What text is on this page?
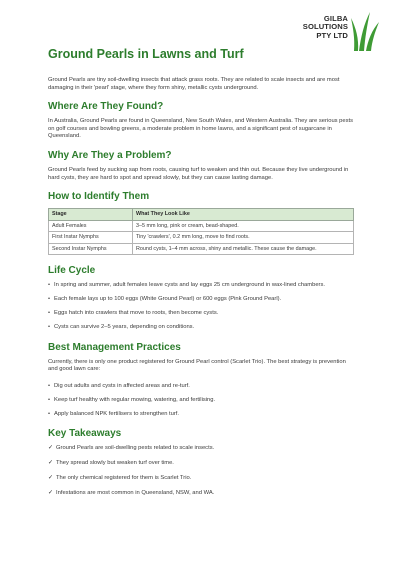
GILBA
SOLUTIONS
PTY LTD
Ground Pearls in Lawns and Turf

Ground Pearls are tiny soil-dwelling insects that attack grass roots. They are related to scale insects and are most damaging in their 'pearl' stage, where they form shiny, metallic cysts underground.

Where Are They Found?

In Australia, Ground Pearls are found in Queensland, New South Wales, and Western Australia. They are serious pests on golf courses and bowling greens, a moderate problem in home lawns, and a significant pest of sugarcane in Queensland.

Why Are They a Problem?

Ground Pearls feed by sucking sap from roots, causing turf to weaken and thin out. Because they live underground in hard cysts, they are hard to spot and spread slowly, but they can cause lasting damage.

How to Identify Them
Stage	What They Look Like
Adult Females	3–5 mm long, pink or cream, bead-shaped.
First Instar Nymphs	Tiny 'crawlers', 0.2 mm long, move to find roots.
Second Instar Nymphs	Round cysts, 1–4 mm across, shiny and metallic. These cause the damage.
Life Cycle
• In spring and summer, adult females leave cysts and lay eggs 25 cm underground in wax-lined chambers.
• Each female lays up to 100 eggs (White Ground Pearl) or 600 eggs (Pink Ground Pearl).
• Eggs hatch into crawlers that move to roots, then become cysts.
• Cysts can survive 2–5 years, depending on conditions.
Best Management Practices

Currently, there is only one product registered for Ground Pearl control (Scarlet Trio). The best strategy is prevention and good lawn care:

• Dig out adults and cysts in affected areas and re-turf.
• Keep turf healthy with regular mowing, watering, and fertilising.
• Apply balanced NPK fertilisers to strengthen turf.
Key Takeaways
✓ Ground Pearls are soil-dwelling pests related to scale insects.
✓ They spread slowly but weaken turf over time.
✓ The only chemical registered for them is Scarlet Trio.
✓ Infestations are most common in Queensland, NSW, and WA.
